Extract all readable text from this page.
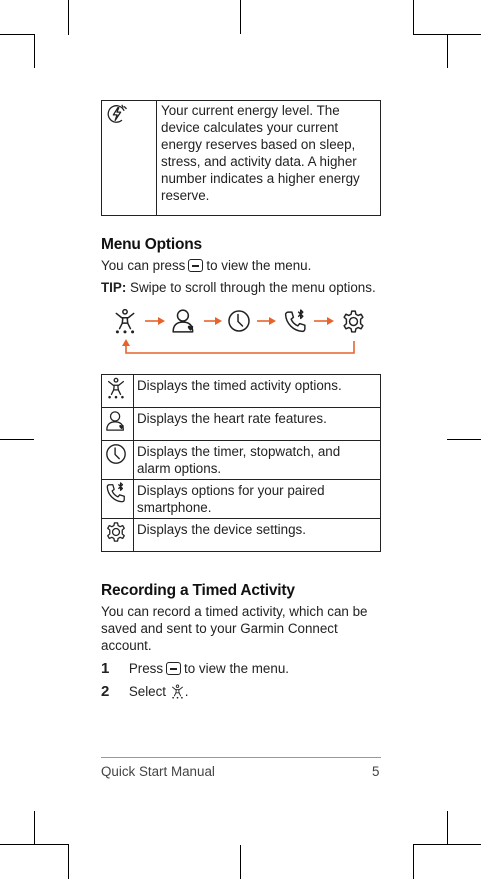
	Your current energy level. The device calculates your current energy reserves based on sleep, stress, and activity data. A higher number indicates a higher energy reserve.
Menu Options
You can press to view the menu.
TIP: Swipe to scroll through the menu options.
	Displays the timed activity options.

	Displays the heart rate features.

	Displays the timer, stopwatch, and alarm options.

	Displays options for your paired smartphone.

	Displays the device settings.
Recording a Timed Activity
You can record a timed activity, which can be saved and sent to your Garmin Connect account.
1 Press to view the menu.
2 Select .
Quick Start Manual	5
